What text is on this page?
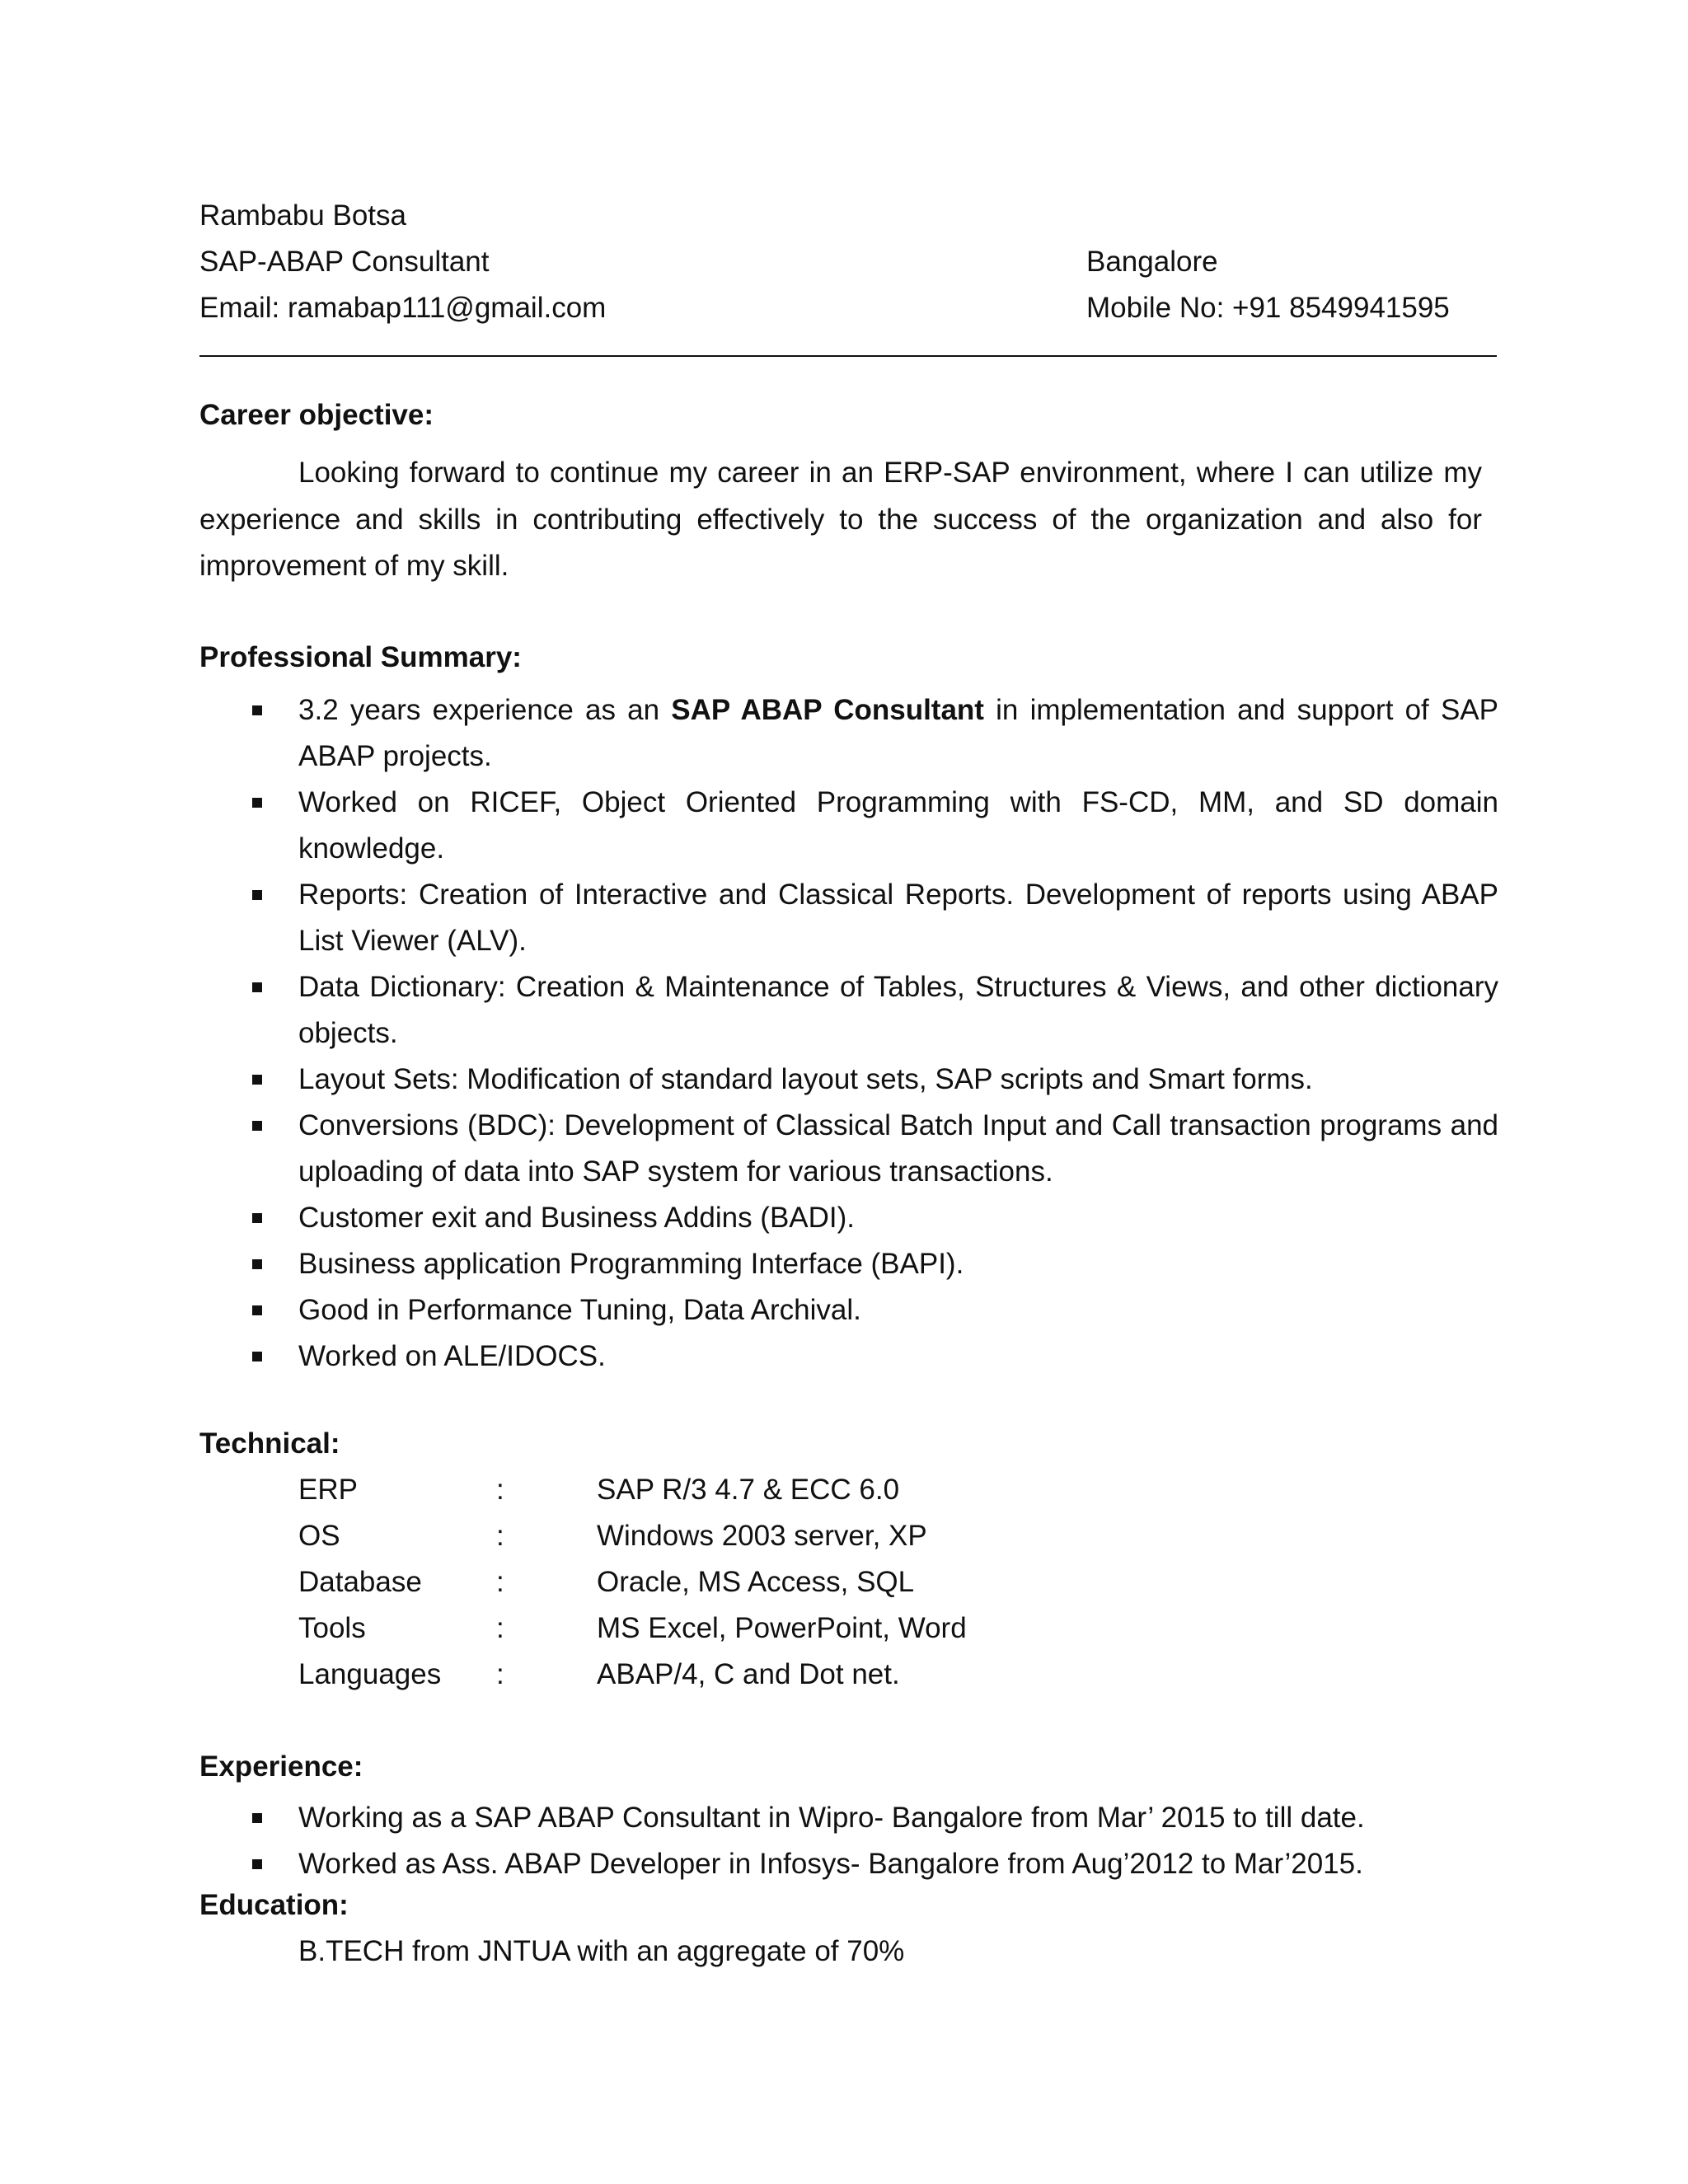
Rambabu Botsa
SAP-ABAP Consultant	Bangalore
Email: ramabap111@gmail.com	Mobile No: +91 8549941595
Career objective:
Looking forward to continue my career in an ERP-SAP environment, where I can utilize my experience and skills in contributing effectively to the success of the organization and also for improvement of my skill.
Professional Summary:
3.2 years experience as an SAP ABAP Consultant in implementation and support of SAP ABAP projects.
Worked on RICEF, Object Oriented Programming with FS-CD, MM, and SD domain knowledge.
Reports: Creation of Interactive and Classical Reports. Development of reports using ABAP List Viewer (ALV).
Data Dictionary: Creation & Maintenance of Tables, Structures & Views, and other dictionary objects.
Layout Sets: Modification of standard layout sets, SAP scripts and Smart forms.
Conversions (BDC): Development of Classical Batch Input and Call transaction programs and uploading of data into SAP system for various transactions.
Customer exit and Business Addins (BADI).
Business application Programming Interface (BAPI).
Good in Performance Tuning, Data Archival.
Worked on ALE/IDOCS.
Technical:
ERP	:	SAP R/3 4.7 & ECC 6.0
OS	:	Windows 2003 server, XP
Database	:	Oracle, MS Access, SQL
Tools	:	MS Excel, PowerPoint, Word
Languages :	ABAP/4, C and Dot net.
Experience:
Working as a SAP ABAP Consultant in Wipro- Bangalore from Mar’ 2015 to till date.
Worked as Ass. ABAP Developer in Infosys- Bangalore from Aug’2012 to Mar’2015.
Education:
B.TECH from JNTUA with an aggregate of 70%
